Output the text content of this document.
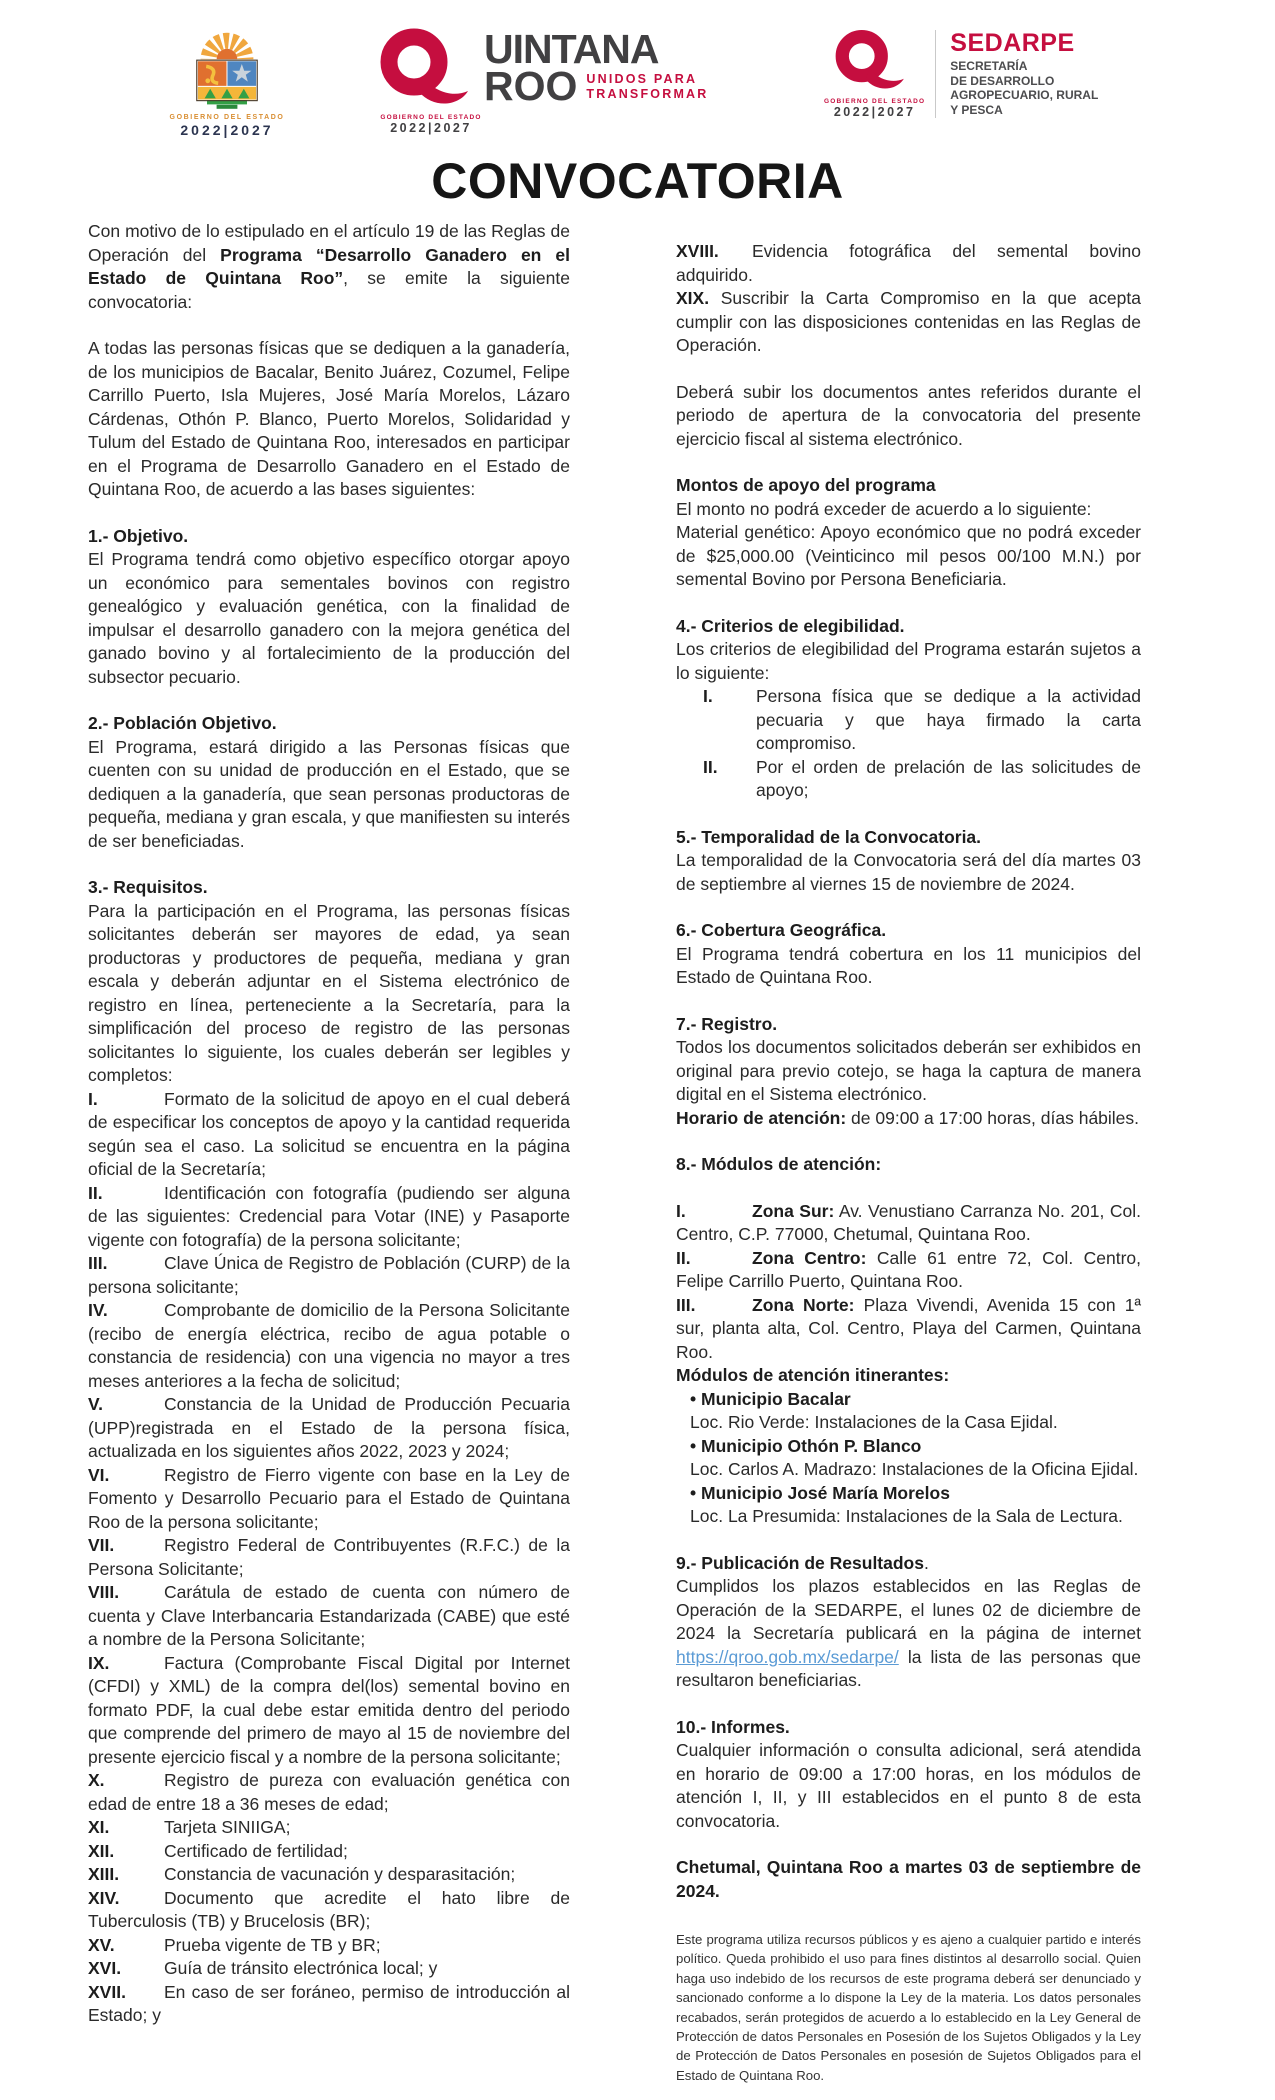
GOBIERNO DEL ESTADO
2022|2027
GOBIERNO DEL ESTADO
2022|2027
UINTANA
ROO UNIDOS PARA
TRANSFORMAR
GOBIERNO DEL ESTADO
2022|2027
SEDARPE
SECRETARÍA
DE DESARROLLO
AGROPECUARIO, RURAL
Y PESCA
CONVOCATORIA

Con motivo de lo estipulado en el artículo 19 de las Reglas de Operación del Programa “Desarrollo Ganadero en el Estado de Quintana Roo”, se emite la siguiente convocatoria:

A todas las personas físicas que se dediquen a la ganadería, de los municipios de Bacalar, Benito Juárez, Cozumel, Felipe Carrillo Puerto, Isla Mujeres, José María Morelos, Lázaro Cárdenas, Othón P. Blanco, Puerto Morelos, Solidaridad y Tulum del Estado de Quintana Roo, interesados en participar en el Programa de Desarrollo Ganadero en el Estado de Quintana Roo, de acuerdo a las bases siguientes:

1.- Objetivo.

El Programa tendrá como objetivo específico otorgar apoyo un económico para sementales bovinos con registro genealógico y evaluación genética, con la finalidad de impulsar el desarrollo ganadero con la mejora genética del ganado bovino y al fortalecimiento de la producción del subsector pecuario.

2.- Población Objetivo.

El Programa, estará dirigido a las Personas físicas que cuenten con su unidad de producción en el Estado, que se dediquen a la ganadería, que sean personas productoras de pequeña, mediana y gran escala, y que manifiesten su interés de ser beneficiadas.

3.- Requisitos.

Para la participación en el Programa, las personas físicas solicitantes deberán ser mayores de edad, ya sean productoras y productores de pequeña, mediana y gran escala y deberán adjuntar en el Sistema electrónico de registro en línea, perteneciente a la Secretaría, para la simplificación del proceso de registro de las personas solicitantes lo siguiente, los cuales deberán ser legibles y completos:

I.	Formato de la solicitud de apoyo en el cual deberá de especificar los conceptos de apoyo y la cantidad requerida según sea el caso. La solicitud se encuentra en la página oficial de la Secretaría;

II.	Identificación con fotografía (pudiendo ser alguna de las siguientes: Credencial para Votar (INE) y Pasaporte vigente con fotografía) de la persona solicitante;

III.	Clave Única de Registro de Población (CURP) de la persona solicitante;

IV.	Comprobante de domicilio de la Persona Solicitante (recibo de energía eléctrica, recibo de agua potable o constancia de residencia) con una vigencia no mayor a tres meses anteriores a la fecha de solicitud;

V.	Constancia de la Unidad de Producción Pecuaria (UPP)registrada en el Estado de la persona física, actualizada en los siguientes años 2022, 2023 y 2024;

VI.	Registro de Fierro vigente con base en la Ley de Fomento y Desarrollo Pecuario para el Estado de Quintana Roo de la persona solicitante;

VII.	Registro Federal de Contribuyentes (R.F.C.) de la Persona Solicitante;

VIII.	Carátula de estado de cuenta con número de cuenta y Clave Interbancaria Estandarizada (CABE) que esté a nombre de la Persona Solicitante;

IX.	Factura (Comprobante Fiscal Digital por Internet (CFDI) y XML) de la compra del(los) semental bovino en formato PDF, la cual debe estar emitida dentro del periodo que comprende del primero de mayo al 15 de noviembre del presente ejercicio fiscal y a nombre de la persona solicitante;

X.	Registro de pureza con evaluación genética con edad de entre 18 a 36 meses de edad;

XI.	Tarjeta SINIIGA;

XII.	Certificado de fertilidad;

XIII.	Constancia de vacunación y desparasitación;

XIV.	Documento que acredite el hato libre de Tuberculosis (TB) y Brucelosis (BR);

XV.	Prueba vigente de TB y BR;

XVI. Guía de tránsito electrónica local; y

XVII. En caso de ser foráneo, permiso de introducción al Estado; y

XVIII. Evidencia fotográfica del semental bovino adquirido.

XIX. Suscribir la Carta Compromiso en la que acepta cumplir con las disposiciones contenidas en las Reglas de Operación.

Deberá subir los documentos antes referidos durante el periodo de apertura de la convocatoria del presente ejercicio fiscal al sistema electrónico.

Montos de apoyo del programa

El monto no podrá exceder de acuerdo a lo siguiente:

Material genético: Apoyo económico que no podrá exceder de $25,000.00 (Veinticinco mil pesos 00/100 M.N.) por semental Bovino por Persona Beneficiaria.

4.- Criterios de elegibilidad.

Los criterios de elegibilidad del Programa estarán sujetos a lo siguiente:

I. Persona física que se dedique a la actividad pecuaria y que haya firmado la carta compromiso.

II. Por el orden de prelación de las solicitudes de apoyo;

5.- Temporalidad de la Convocatoria.

La temporalidad de la Convocatoria será del día martes 03 de septiembre al viernes 15 de noviembre de 2024.

6.- Cobertura Geográfica.

El Programa tendrá cobertura en los 11 municipios del Estado de Quintana Roo.

7.- Registro.

Todos los documentos solicitados deberán ser exhibidos en original para previo cotejo, se haga la captura de manera digital en el Sistema electrónico.

Horario de atención: de 09:00 a 17:00 horas, días hábiles.

8.- Módulos de atención:

I.	Zona Sur: Av. Venustiano Carranza No. 201, Col. Centro, C.P. 77000, Chetumal, Quintana Roo.

II.	Zona Centro: Calle 61 entre 72, Col. Centro, Felipe Carrillo Puerto, Quintana Roo.

III.	Zona Norte: Plaza Vivendi, Avenida 15 con 1ª sur, planta alta, Col. Centro, Playa del Carmen, Quintana Roo.

Módulos de atención itinerantes:

• Municipio Bacalar

Loc. Rio Verde: Instalaciones de la Casa Ejidal.

• Municipio Othón P. Blanco

Loc. Carlos A. Madrazo: Instalaciones de la Oficina Ejidal.

• Municipio José María Morelos

Loc. La Presumida: Instalaciones de la Sala de Lectura.

9.- Publicación de Resultados.

Cumplidos los plazos establecidos en las Reglas de Operación de la SEDARPE, el lunes 02 de diciembre de 2024 la Secretaría publicará en la página de internet https://qroo.gob.mx/sedarpe/ la lista de las personas que resultaron beneficiarias.

10.- Informes.

Cualquier información o consulta adicional, será atendida en horario de 09:00 a 17:00 horas, en los módulos de atención I, II, y III establecidos en el punto 8 de esta convocatoria.

Chetumal, Quintana Roo a martes 03 de septiembre de 2024.

Este programa utiliza recursos públicos y es ajeno a cualquier partido e interés político. Queda prohibido el uso para fines distintos al desarrollo social. Quien haga uso indebido de los recursos de este programa deberá ser denunciado y sancionado conforme a lo dispone la Ley de la materia. Los datos personales recabados, serán protegidos de acuerdo a lo establecido en la Ley General de Protección de datos Personales en Posesión de los Sujetos Obligados y la Ley de Protección de Datos Personales en posesión de Sujetos Obligados para el Estado de Quintana Roo.
